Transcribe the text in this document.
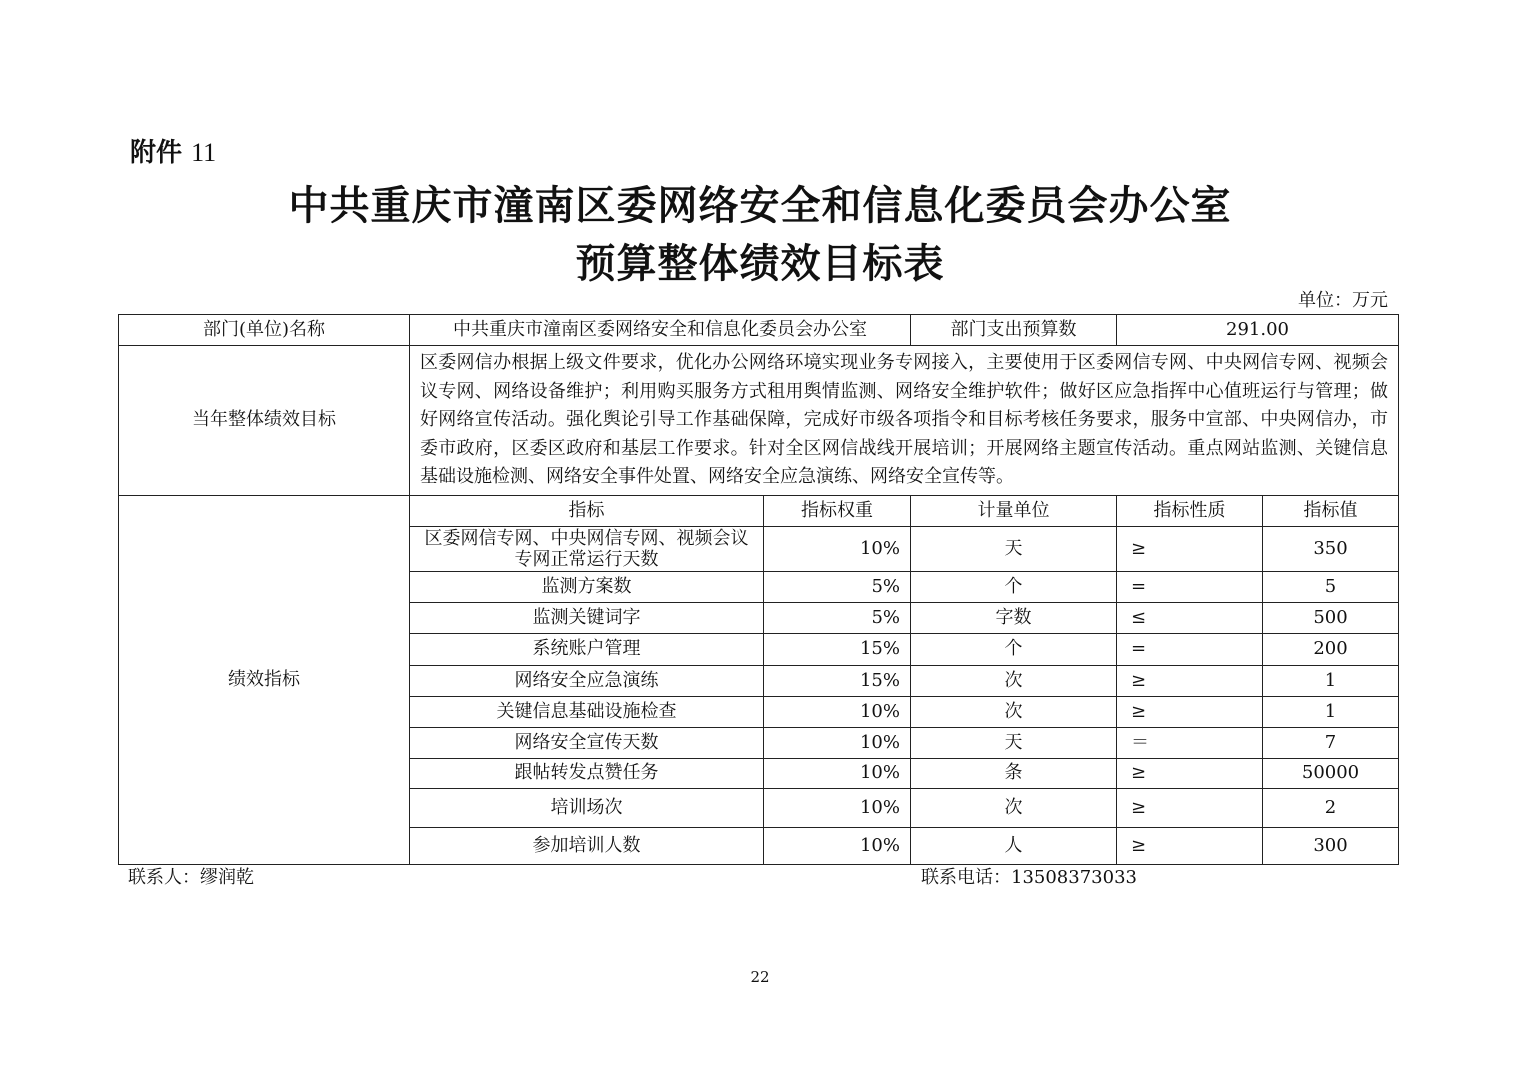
附件 11
中共重庆市潼南区委网络安全和信息化委员会办公室
预算整体绩效目标表
单位：万元
部门(单位)名称	中共重庆市潼南区委网络安全和信息化委员会办公室		部门支出预算数	291.00	
当年整体绩效目标	区委网信办根据上级文件要求，优化办公网络环境实现业务专网接入，主要使用于区委网信专网、中央网信专网、视频会议专网、网络设备维护；利用购买服务方式租用舆情监测、网络安全维护软件；做好区应急指挥中心值班运行与管理；做好网络宣传活动。强化舆论引导工作基础保障，完成好市级各项指令和目标考核任务要求，服务中宣部、中央网信办，市委市政府，区委区政府和基层工作要求。针对全区网信战线开展培训；开展网络主题宣传活动。重点网站监测、关键信息基础设施检测、网络安全事件处置、网络安全应急演练、网络安全宣传等。				
绩效指标	指标	指标权重	计量单位	指标性质	指标值
	区委网信专网、中央网信专网、视频会议专网正常运行天数	10%	天	≥	350
	监测方案数	5%	个	=	5
	监测关键词字	5%	字数	≤	500
	系统账户管理	15%	个	=	200
	网络安全应急演练	15%	次	≥	1
	关键信息基础设施检查	10%	次	≥	1
	网络安全宣传天数	10%	天	＝	7
	跟帖转发点赞任务	10%	条	≥	50000
	培训场次	10%	次	≥	2
	参加培训人数	10%	人	≥	300
联系人：缪润乾	联系电话：13508373033
22
